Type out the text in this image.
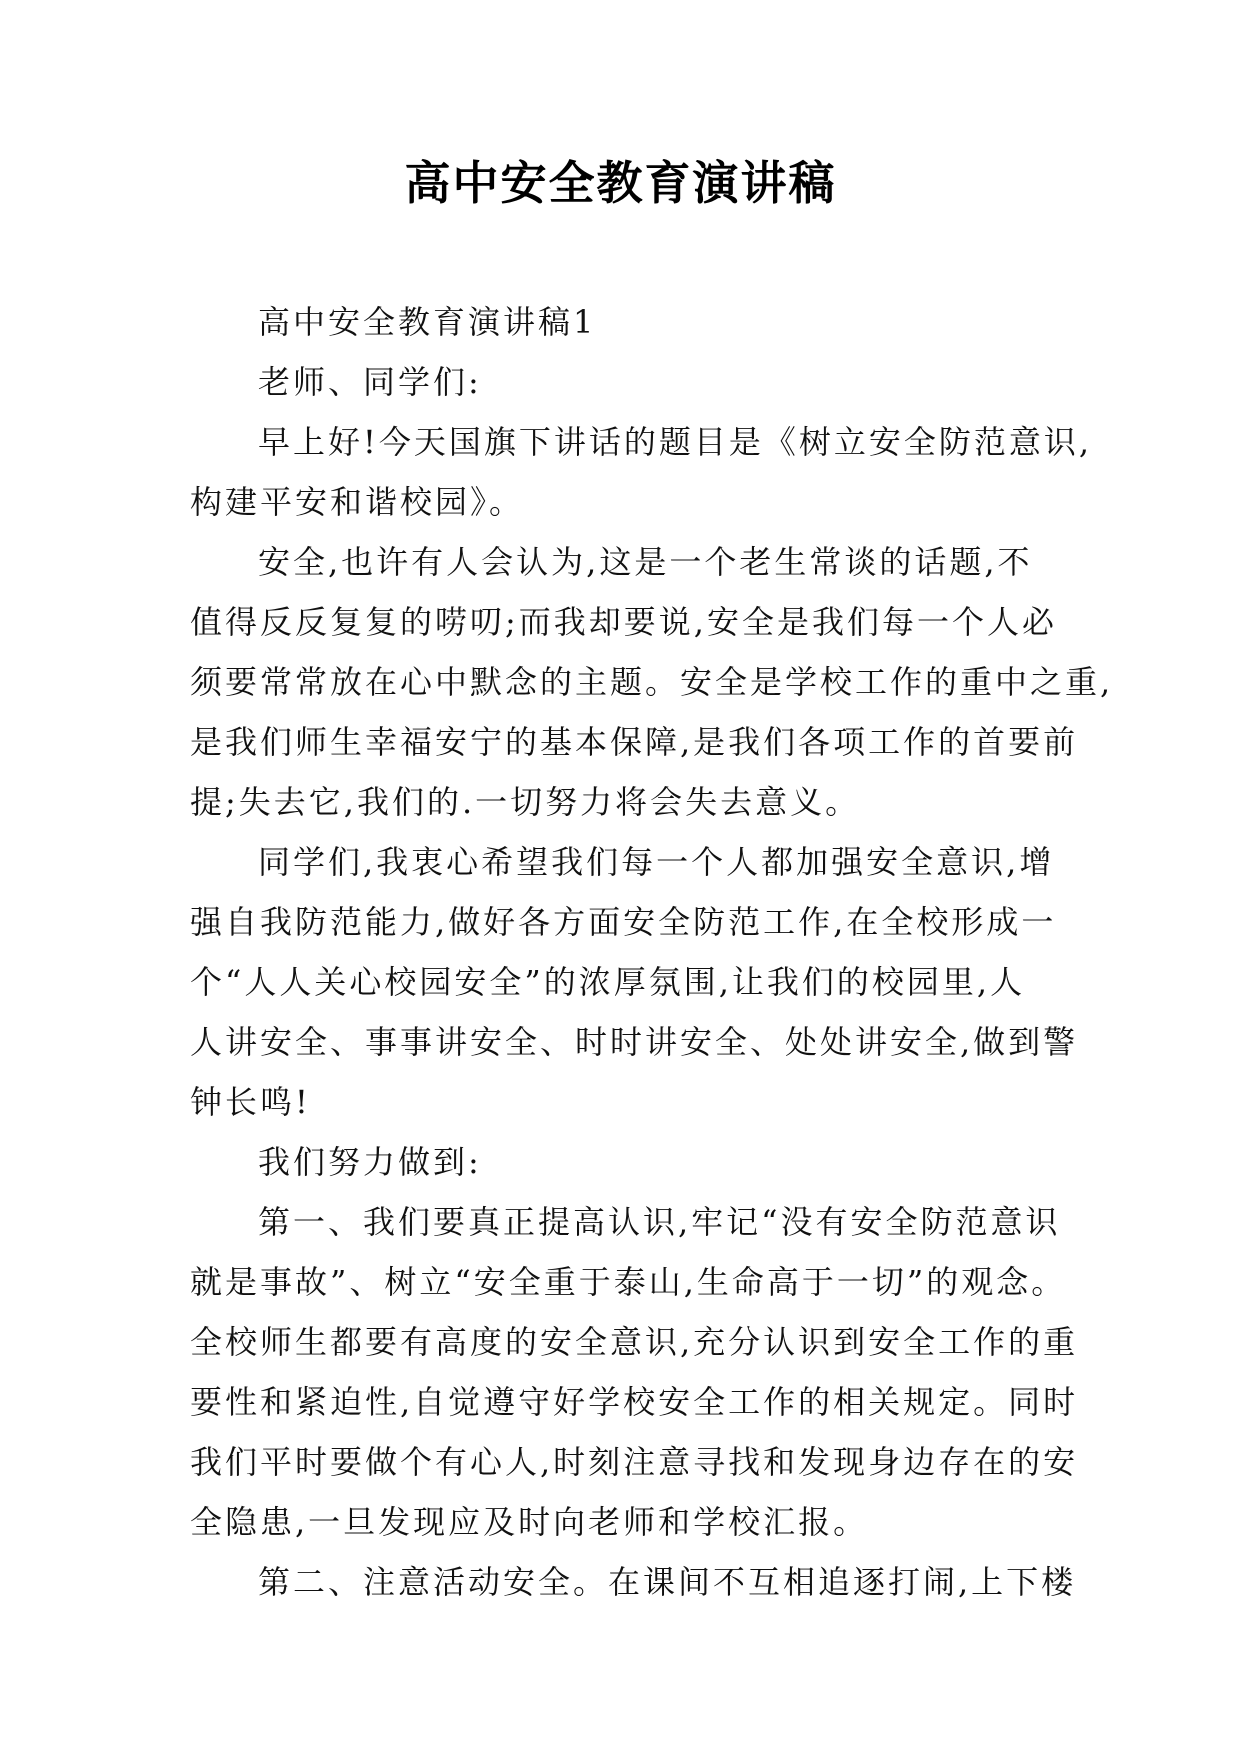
高中安全教育演讲稿
高中安全教育演讲稿1
老师、同学们:
早上好!今天国旗下讲话的题目是《树立安全防范意识,
构建平安和谐校园》。
安全,也许有人会认为,这是一个老生常谈的话题,不
值得反反复复的唠叨;而我却要说,安全是我们每一个人必
须要常常放在心中默念的主题。安全是学校工作的重中之重,
是我们师生幸福安宁的基本保障,是我们各项工作的首要前
提;失去它,我们的.一切努力将会失去意义。
同学们,我衷心希望我们每一个人都加强安全意识,增
强自我防范能力,做好各方面安全防范工作,在全校形成一
个“人人关心校园安全”的浓厚氛围,让我们的校园里,人
人讲安全、事事讲安全、时时讲安全、处处讲安全,做到警
钟长鸣!
我们努力做到:
第一、我们要真正提高认识,牢记“没有安全防范意识
就是事故”、树立“安全重于泰山,生命高于一切”的观念。
全校师生都要有高度的安全意识,充分认识到安全工作的重
要性和紧迫性,自觉遵守好学校安全工作的相关规定。同时
我们平时要做个有心人,时刻注意寻找和发现身边存在的安
全隐患,一旦发现应及时向老师和学校汇报。
第二、注意活动安全。在课间不互相追逐打闹,上下楼
